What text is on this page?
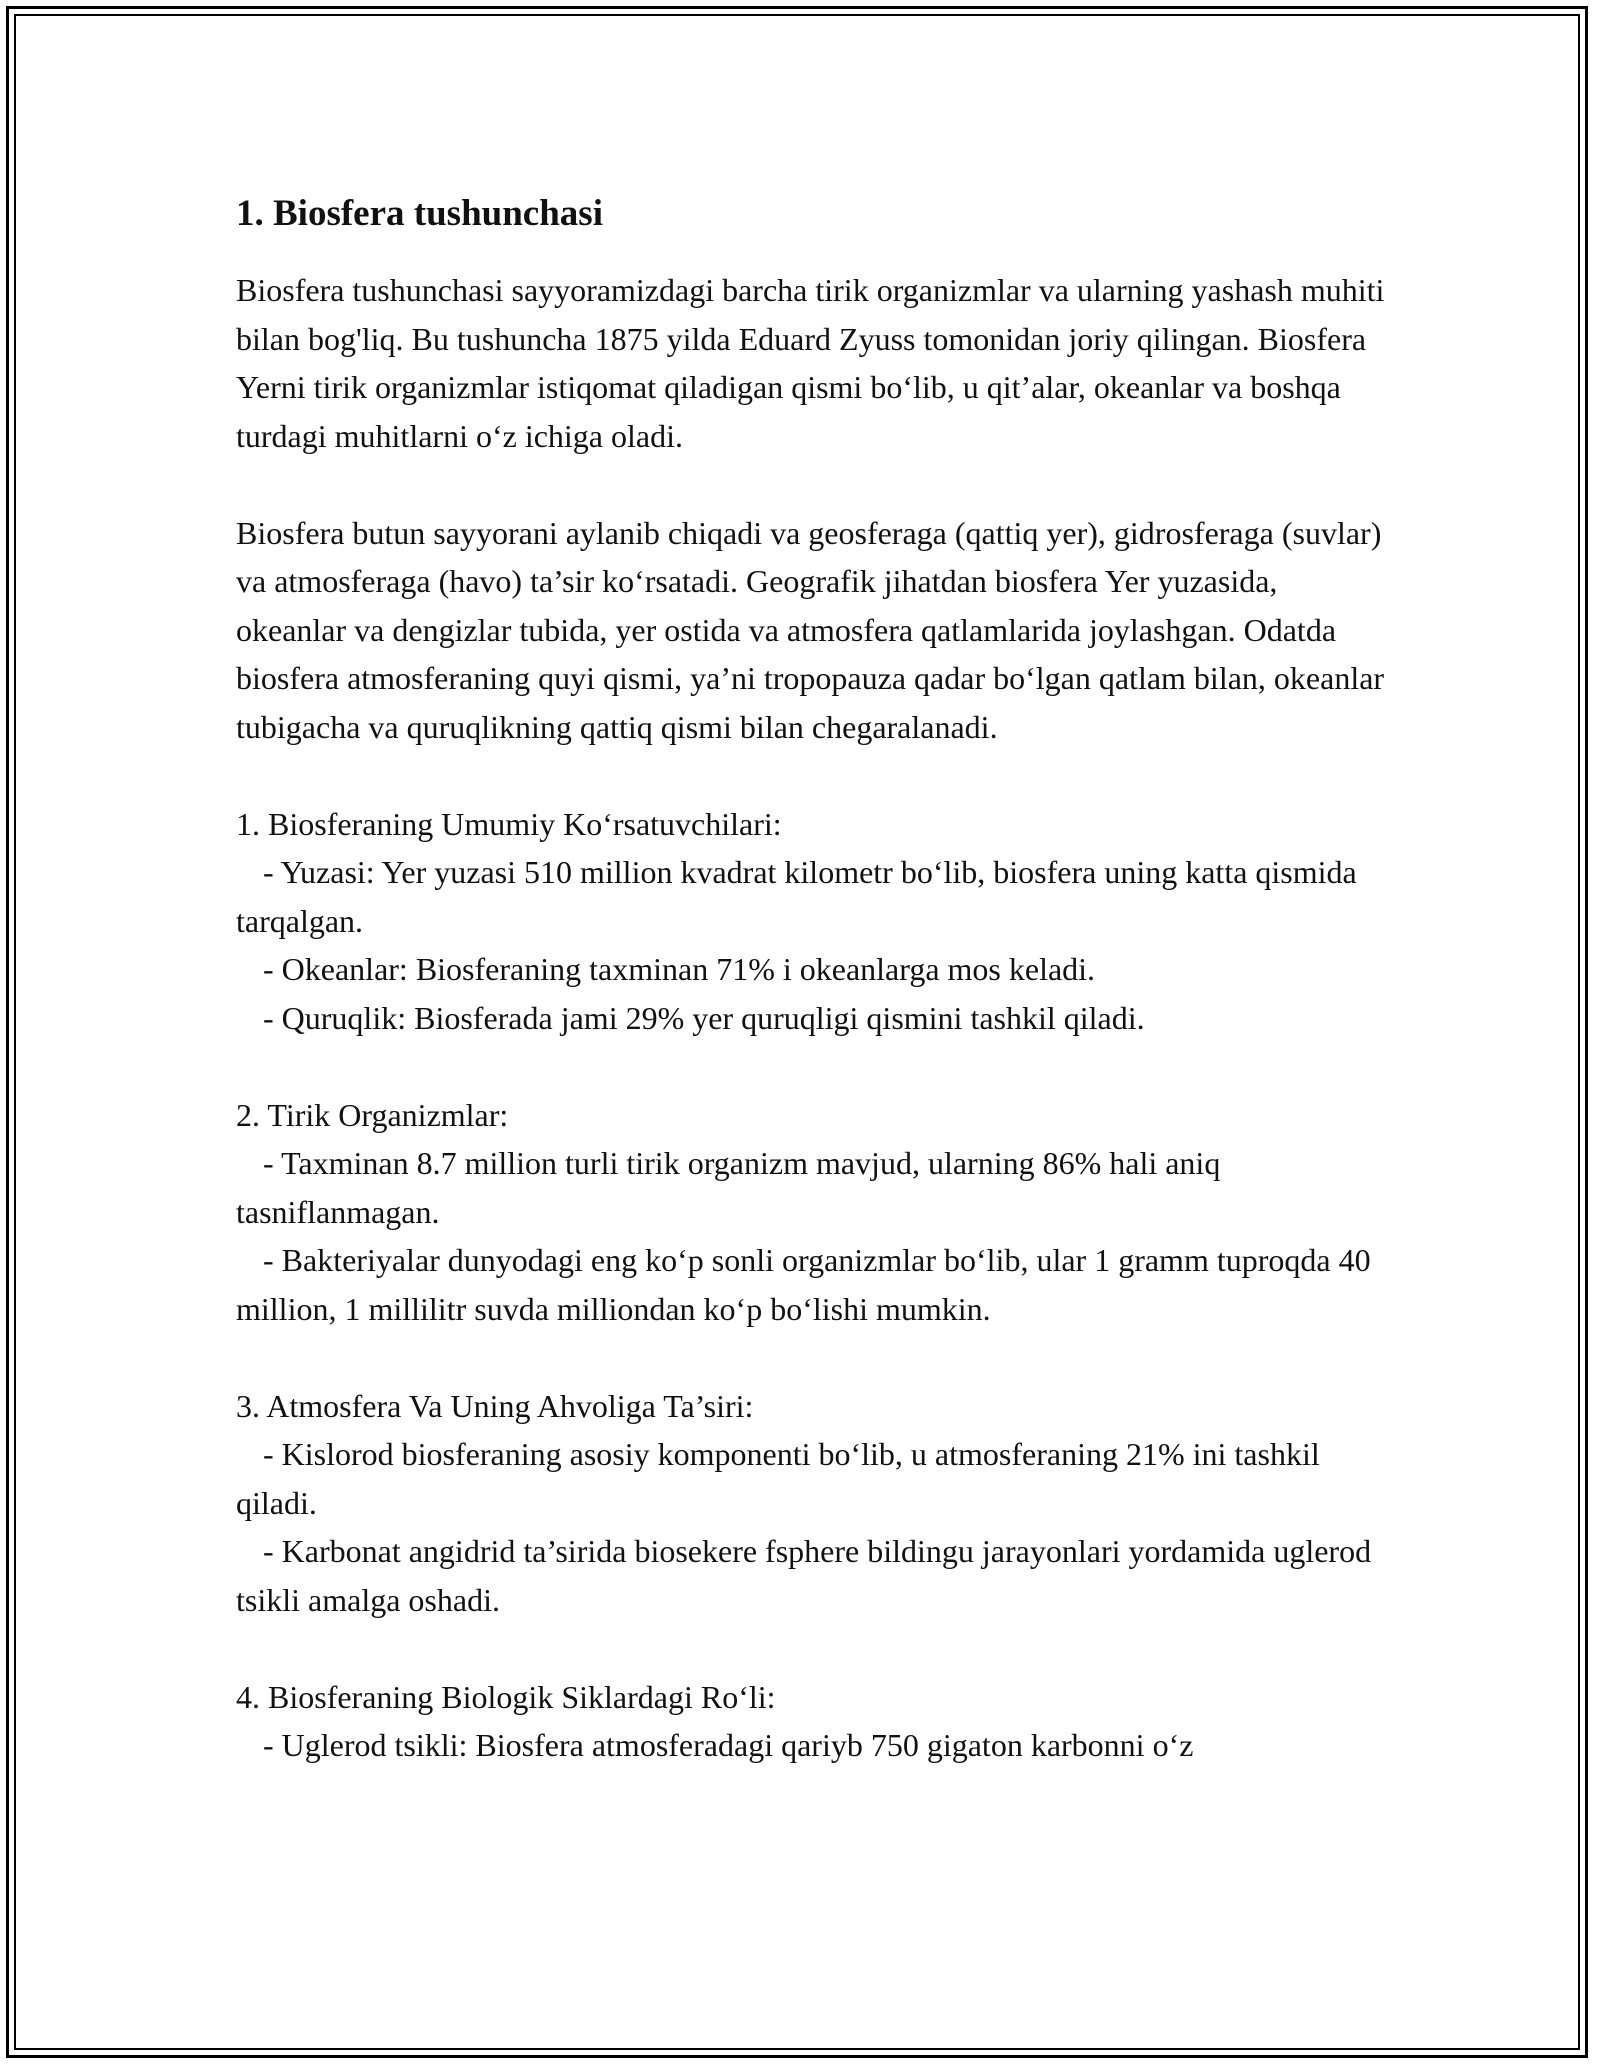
1. Biosfera tushunchasi

Biosfera tushunchasi sayyoramizdagi barcha tirik organizmlar va ularning yashash muhiti bilan bog'liq. Bu tushuncha 1875 yilda Eduard Zyuss tomonidan joriy qilingan. Biosfera Yerni tirik organizmlar istiqomat qiladigan qismi bo‘lib, u qit’alar, okeanlar va boshqa turdagi muhitlarni o‘z ichiga oladi.

Biosfera butun sayyorani aylanib chiqadi va geosferaga (qattiq yer), gidrosferaga (suvlar) va atmosferaga (havo) ta’sir ko‘rsatadi. Geografik jihatdan biosfera Yer yuzasida, okeanlar va dengizlar tubida, yer ostida va atmosfera qatlamlarida joylashgan. Odatda biosfera atmosferaning quyi qismi, ya’ni tropopauza qadar bo‘lgan qatlam bilan, okeanlar tubigacha va quruqlikning qattiq qismi bilan chegaralanadi.

1. Biosferaning Umumiy Ko‘rsatuvchilari:

- Yuzasi: Yer yuzasi 510 million kvadrat kilometr bo‘lib, biosfera uning katta qismida tarqalgan.

- Okeanlar: Biosferaning taxminan 71% i okeanlarga mos keladi.

- Quruqlik: Biosferada jami 29% yer quruqligi qismini tashkil qiladi.

2. Tirik Organizmlar:

- Taxminan 8.7 million turli tirik organizm mavjud, ularning 86% hali aniq tasniflanmagan.

- Bakteriyalar dunyodagi eng ko‘p sonli organizmlar bo‘lib, ular 1 gramm tuproqda 40 million, 1 millilitr suvda milliondan ko‘p bo‘lishi mumkin.

3. Atmosfera Va Uning Ahvoliga Ta’siri:

- Kislorod biosferaning asosiy komponenti bo‘lib, u atmosferaning 21% ini tashkil qiladi.

- Karbonat angidrid ta’sirida biosekere fsphere bildingu jarayonlari yordamida uglerod tsikli amalga oshadi.

4. Biosferaning Biologik Siklardagi Ro‘li:

- Uglerod tsikli: Biosfera atmosferadagi qariyb 750 gigaton karbonni o‘z
